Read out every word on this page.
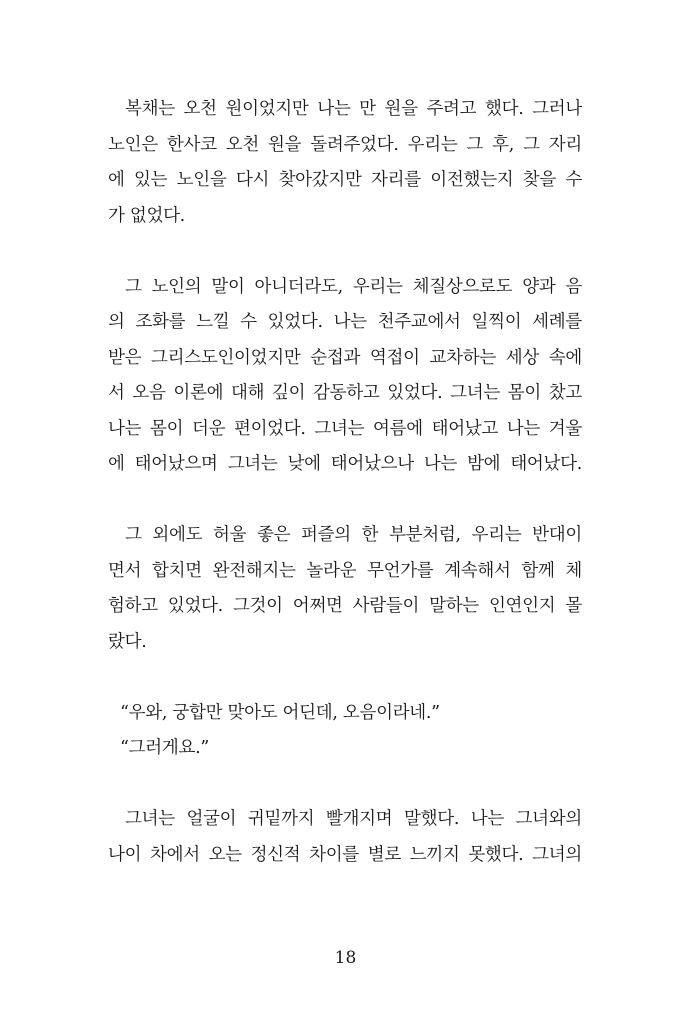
복채는 오천 원이었지만 나는 만 원을 주려고 했다. 그러나
노인은 한사코 오천 원을 돌려주었다. 우리는 그 후, 그 자리
에 있는 노인을 다시 찾아갔지만 자리를 이전했는지 찾을 수
가 없었다.
그 노인의 말이 아니더라도, 우리는 체질상으로도 양과 음
의 조화를 느낄 수 있었다. 나는 천주교에서 일찍이 세례를
받은 그리스도인이었지만 순접과 역접이 교차하는 세상 속에
서 오음 이론에 대해 깊이 감동하고 있었다. 그녀는 몸이 찼고
나는 몸이 더운 편이었다. 그녀는 여름에 태어났고 나는 겨울
에 태어났으며 그녀는 낮에 태어났으나 나는 밤에 태어났다.
그 외에도 허울 좋은 퍼즐의 한 부분처럼, 우리는 반대이
면서 합치면 완전해지는 놀라운 무언가를 계속해서 함께 체
험하고 있었다. 그것이 어쩌면 사람들이 말하는 인연인지 몰
랐다.
“우와, 궁합만 맞아도 어딘데, 오음이라네.”
“그러게요.”
그녀는 얼굴이 귀밑까지 빨개지며 말했다. 나는 그녀와의
나이 차에서 오는 정신적 차이를 별로 느끼지 못했다. 그녀의
18
